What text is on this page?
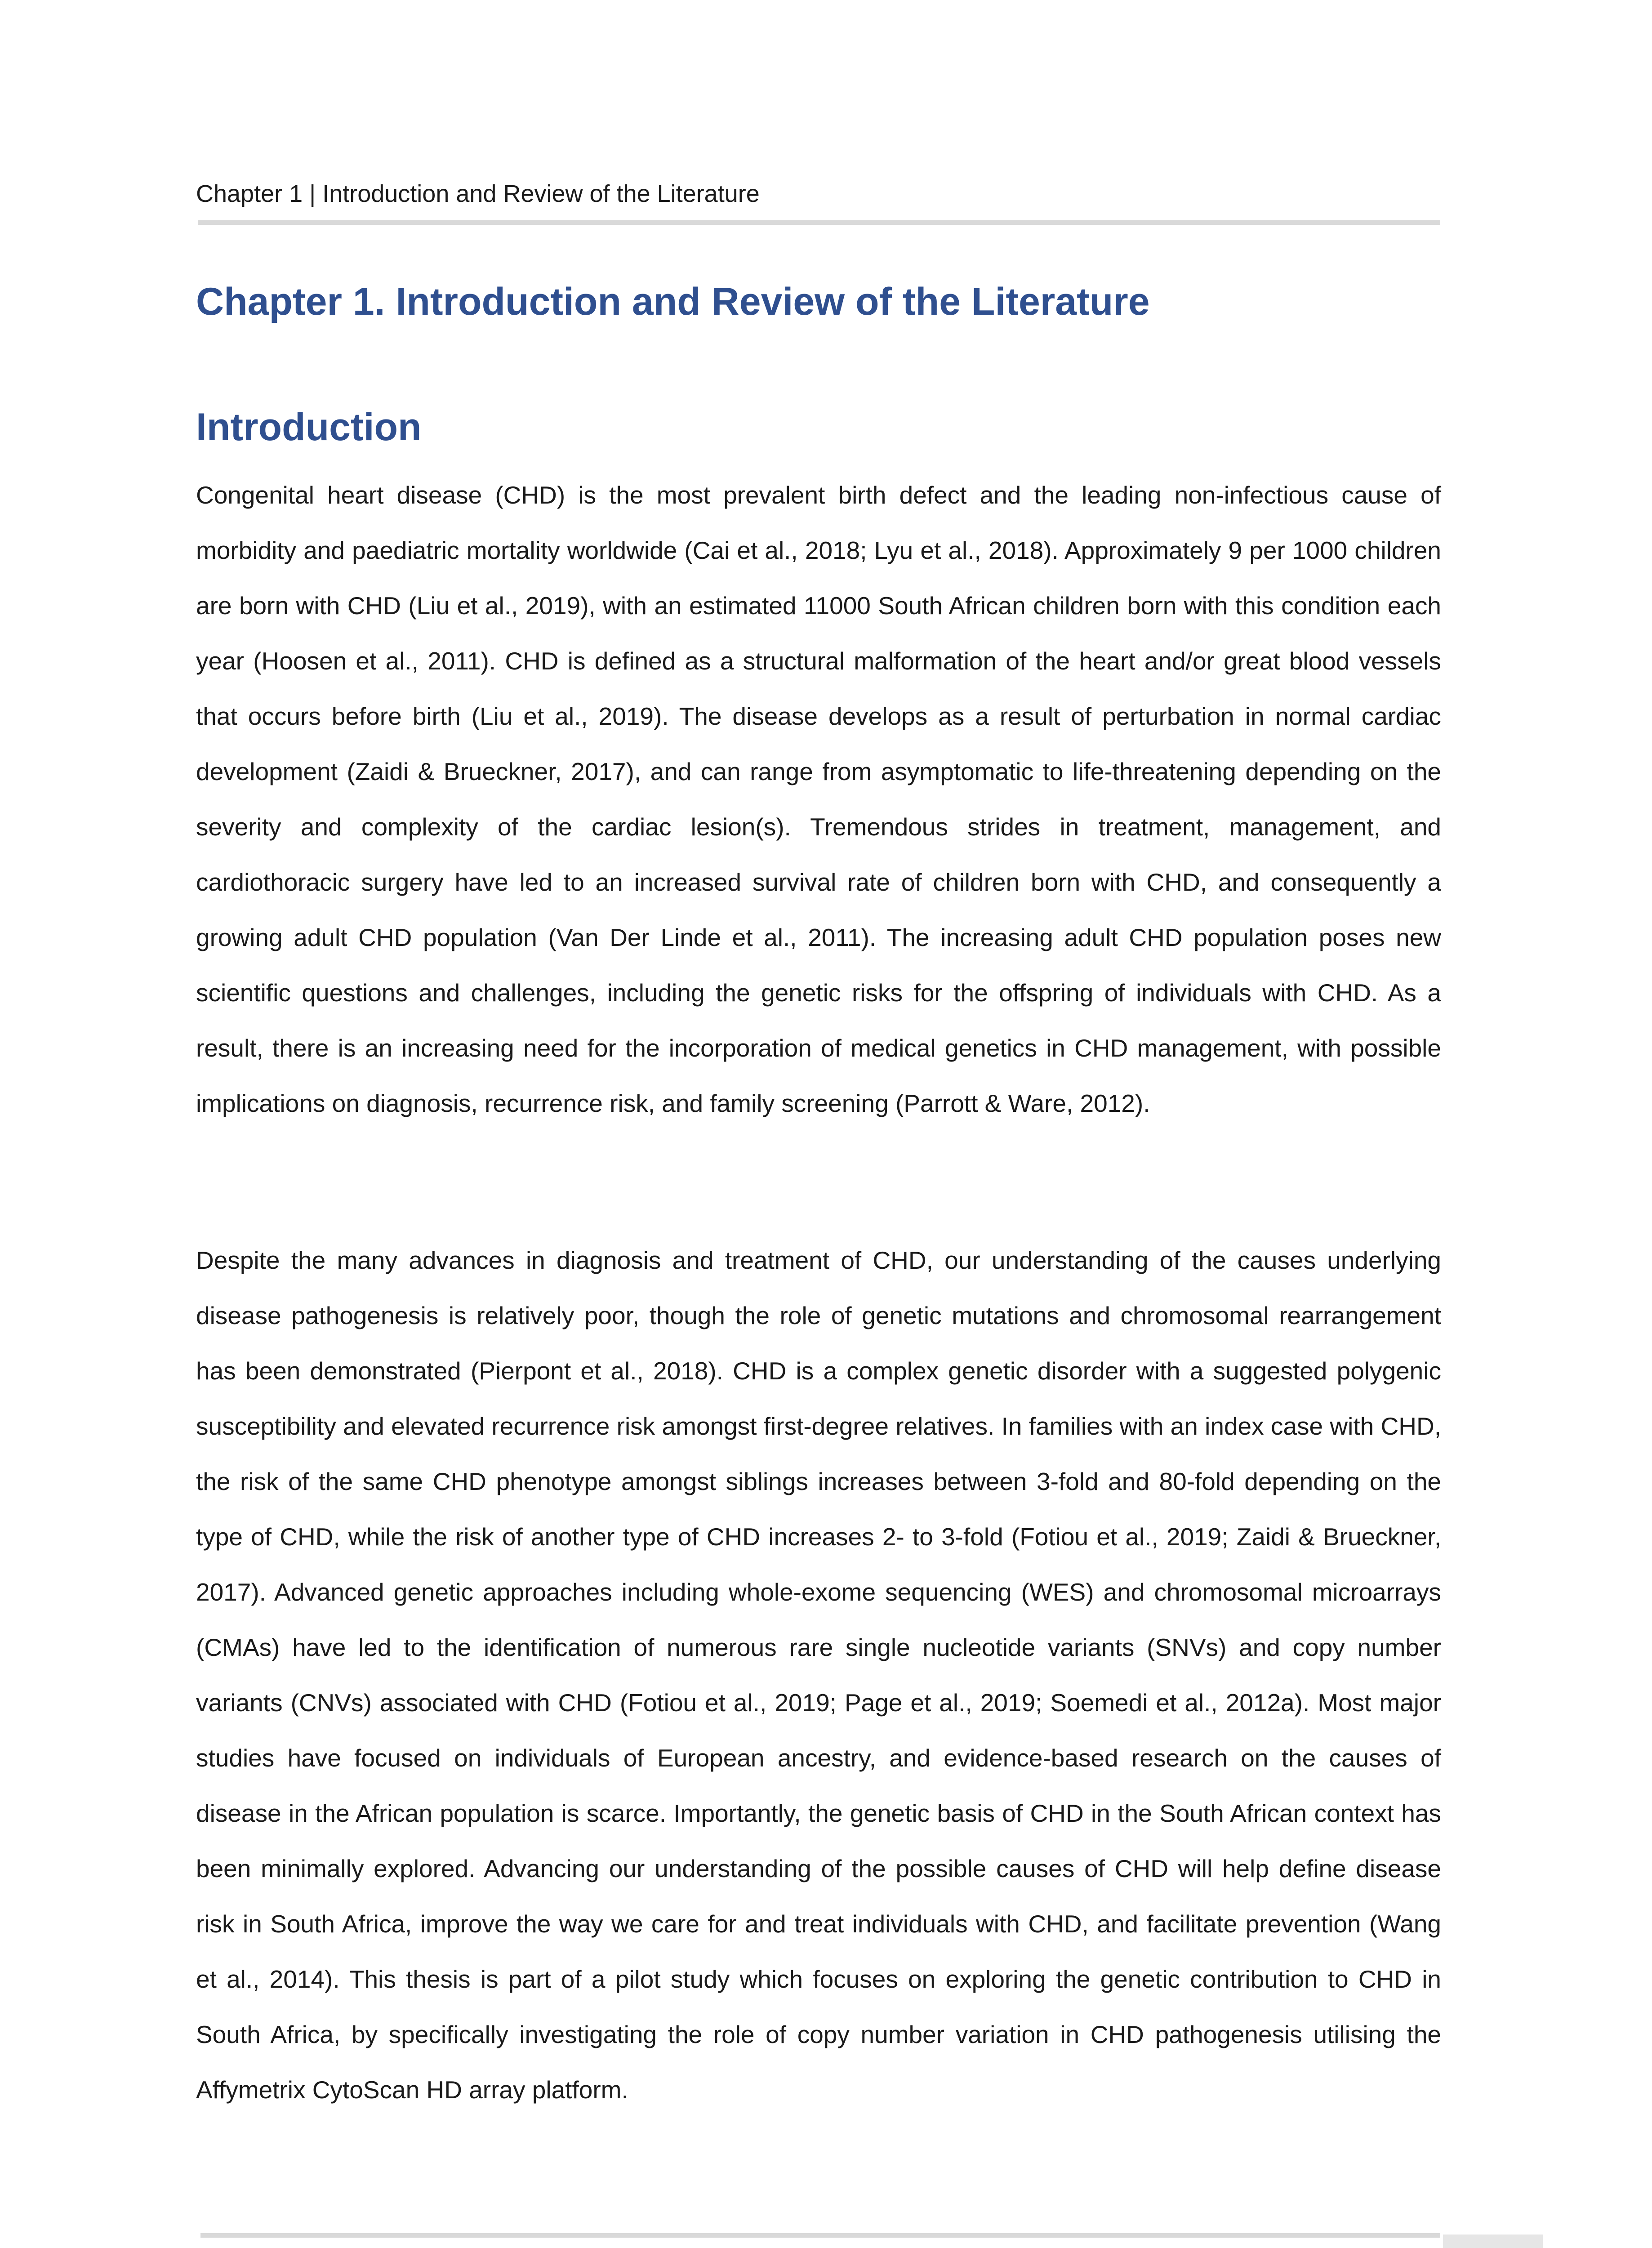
Chapter 1 | Introduction and Review of the Literature
Chapter 1. Introduction and Review of the Literature
Introduction

Congenital heart disease (CHD) is the most prevalent birth defect and the leading non-infectious cause of morbidity and paediatric mortality worldwide (Cai et al., 2018; Lyu et al., 2018). Approximately 9 per 1000 children are born with CHD (Liu et al., 2019), with an estimated 11000 South African children born with this condition each year (Hoosen et al., 2011). CHD is defined as a structural malformation of the heart and/or great blood vessels that occurs before birth (Liu et al., 2019). The disease develops as a result of perturbation in normal cardiac development (Zaidi & Brueckner, 2017), and can range from asymptomatic to life-threatening depending on the severity and complexity of the cardiac lesion(s). Tremendous strides in treatment, management, and cardiothoracic surgery have led to an increased survival rate of children born with CHD, and consequently a growing adult CHD population (Van Der Linde et al., 2011). The increasing adult CHD population poses new scientific questions and challenges, including the genetic risks for the offspring of individuals with CHD. As a result, there is an increasing need for the incorporation of medical genetics in CHD management, with possible implications on diagnosis, recurrence risk, and family screening (Parrott & Ware, 2012).

Despite the many advances in diagnosis and treatment of CHD, our understanding of the causes underlying disease pathogenesis is relatively poor, though the role of genetic mutations and chromosomal rearrangement has been demonstrated (Pierpont et al., 2018). CHD is a complex genetic disorder with a suggested polygenic susceptibility and elevated recurrence risk amongst first-degree relatives. In families with an index case with CHD, the risk of the same CHD phenotype amongst siblings increases between 3-fold and 80-fold depending on the type of CHD, while the risk of another type of CHD increases 2- to 3-fold (Fotiou et al., 2019; Zaidi & Brueckner, 2017). Advanced genetic approaches including whole-exome sequencing (WES) and chromosomal microarrays (CMAs) have led to the identification of numerous rare single nucleotide variants (SNVs) and copy number variants (CNVs) associated with CHD (Fotiou et al., 2019; Page et al., 2019; Soemedi et al., 2012a). Most major studies have focused on individuals of European ancestry, and evidence-based research on the causes of disease in the African population is scarce. Importantly, the genetic basis of CHD in the South African context has been minimally explored. Advancing our understanding of the possible causes of CHD will help define disease risk in South Africa, improve the way we care for and treat individuals with CHD, and facilitate prevention (Wang et al., 2014). This thesis is part of a pilot study which focuses on exploring the genetic contribution to CHD in South Africa, by specifically investigating the role of copy number variation in CHD pathogenesis utilising the Affymetrix CytoScan HD array platform.
